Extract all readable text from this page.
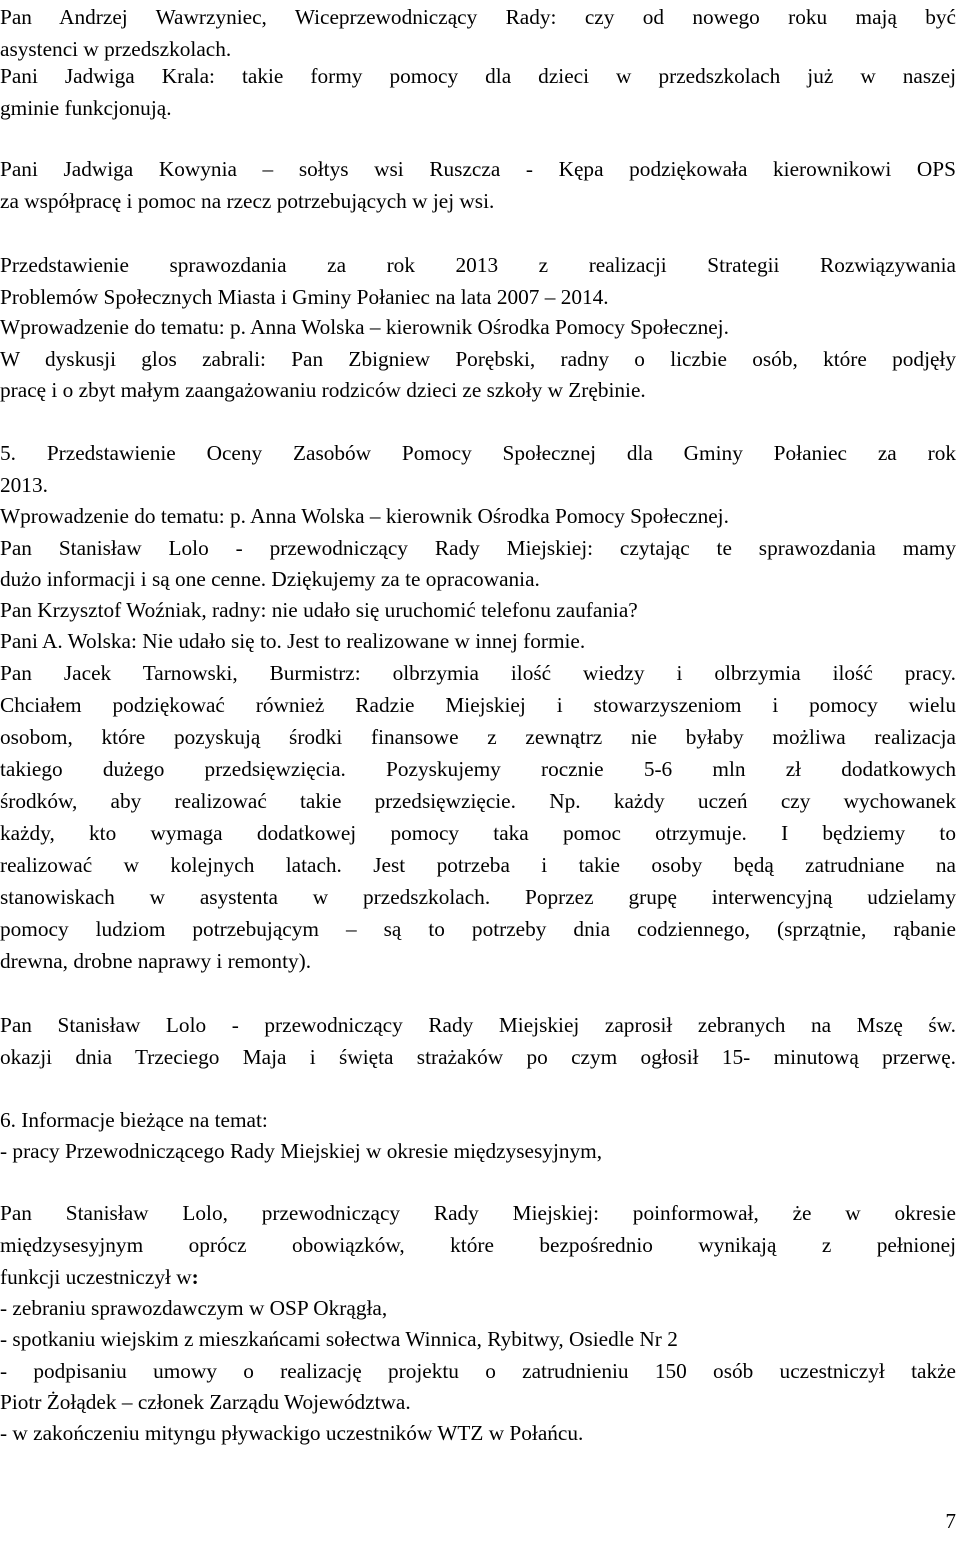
Pan Andrzej Wawrzyniec, Wiceprzewodniczący Rady: czy od nowego roku mają być
asystenci w przedszkolach.
Pani Jadwiga Krala: takie formy pomocy dla dzieci w przedszkolach już w naszej
gminie funkcjonują.
Pani Jadwiga Kowynia – sołtys wsi Ruszcza - Kępa podziękowała kierownikowi OPS
za współpracę i pomoc na rzecz potrzebujących w jej wsi.
Przedstawienie sprawozdania za rok 2013 z realizacji Strategii Rozwiązywania
Problemów Społecznych Miasta i Gminy Połaniec na lata 2007 – 2014.
Wprowadzenie do tematu: p. Anna Wolska – kierownik Ośrodka Pomocy Społecznej.
W dyskusji glos zabrali: Pan Zbigniew Porębski, radny o liczbie osób, które podjęły
pracę i o zbyt małym zaangażowaniu rodziców dzieci ze szkoły w Zrębinie.
5. Przedstawienie Oceny Zasobów Pomocy Społecznej dla Gminy Połaniec za rok
2013.
Wprowadzenie do tematu: p. Anna Wolska – kierownik Ośrodka Pomocy Społecznej.
Pan Stanisław Lolo - przewodniczący Rady Miejskiej: czytając te sprawozdania mamy
dużo informacji i są one cenne. Dziękujemy za te opracowania.
Pan Krzysztof Woźniak, radny: nie udało się uruchomić telefonu zaufania?
Pani A. Wolska: Nie udało się to. Jest to realizowane w innej formie.
Pan Jacek Tarnowski, Burmistrz: olbrzymia ilość wiedzy i olbrzymia ilość pracy.
Chciałem podziękować również Radzie Miejskiej i stowarzyszeniom i pomocy wielu
osobom, które pozyskują środki finansowe z zewnątrz nie byłaby możliwa realizacja
takiego dużego przedsięwzięcia. Pozyskujemy rocznie 5-6 mln zł dodatkowych
środków, aby realizować takie przedsięwzięcie. Np. każdy uczeń czy wychowanek
każdy, kto wymaga dodatkowej pomocy taka pomoc otrzymuje. I będziemy to
realizować w kolejnych latach. Jest potrzeba i takie osoby będą zatrudniane na
stanowiskach w asystenta w przedszkolach. Poprzez grupę interwencyjną udzielamy
pomocy ludziom potrzebującym – są to potrzeby dnia codziennego, (sprzątnie, rąbanie
drewna, drobne naprawy i remonty).
Pan Stanisław Lolo - przewodniczący Rady Miejskiej zaprosił zebranych na Mszę św.
okazji dnia Trzeciego Maja i święta strażaków po czym ogłosił 15- minutową przerwę.
6. Informacje bieżące na temat:
- pracy Przewodniczącego Rady Miejskiej w okresie międzysesyjnym,
Pan Stanisław Lolo, przewodniczący Rady Miejskiej: poinformował, że w okresie
międzysesyjnym oprócz obowiązków, które bezpośrednio wynikają z pełnionej
funkcji uczestniczył w:
- zebraniu sprawozdawczym w OSP Okrągła,
- spotkaniu wiejskim z mieszkańcami sołectwa Winnica, Rybitwy, Osiedle Nr 2
- podpisaniu umowy o realizację projektu o zatrudnieniu 150 osób uczestniczył także
Piotr Żołądek – członek Zarządu Województwa.
- w zakończeniu mityngu pływackigo uczestników WTZ w Połańcu.
7
